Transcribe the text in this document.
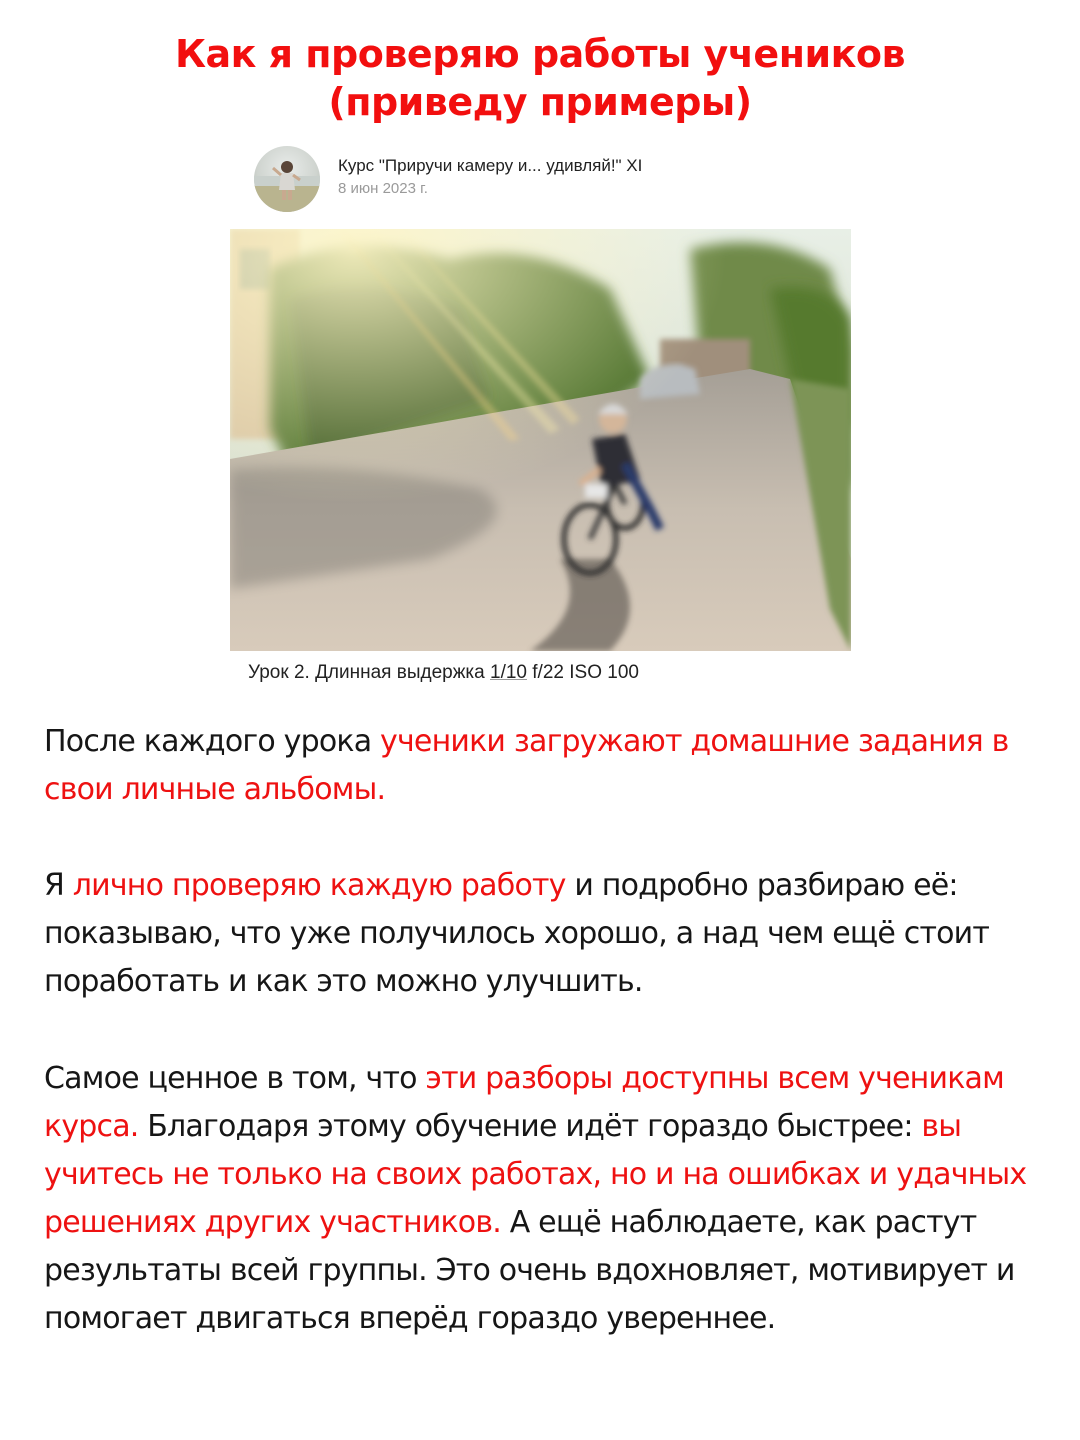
Как я проверяю работы учеников
(приведу примеры)
Курс "Приручи камеру и... удивляй!" XI
8 июн 2023 г.
Урок 2. Длинная выдержка 1/10 f/22 ISO 100
После каждого урока ученики загружают домашние задания в свои личные альбомы.
Я лично проверяю каждую работу и подробно разбираю её: показываю, что уже получилось хорошо, а над чем ещё стоит поработать и как это можно улучшить.
Самое ценное в том, что эти разборы доступны всем ученикам курса. Благодаря этому обучение идёт гораздо быстрее: вы учитесь не только на своих работах, но и на ошибках и удачных решениях других участников. А ещё наблюдаете, как растут результаты всей группы. Это очень вдохновляет, мотивирует и помогает двигаться вперёд гораздо увереннее.
